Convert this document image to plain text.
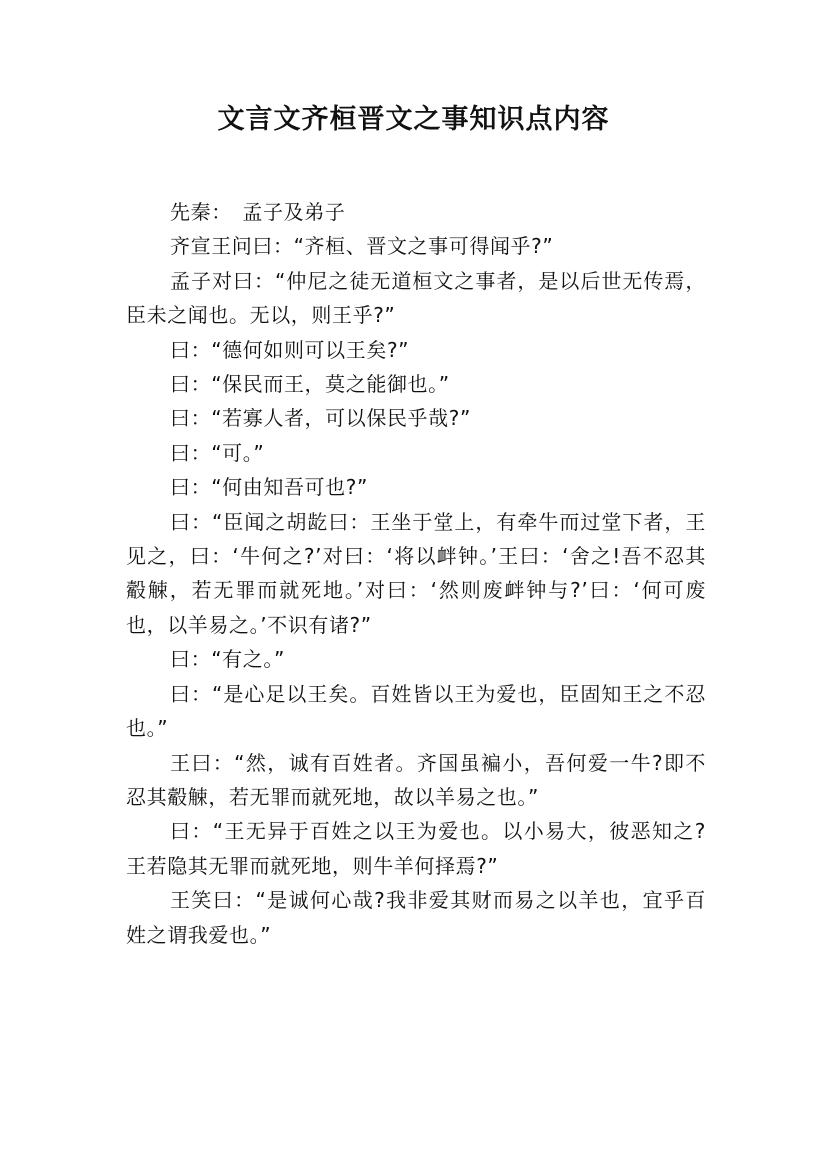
文言文齐桓晋文之事知识点内容

先秦：　孟子及弟子

齐宣王问曰：“齐桓、晋文之事可得闻乎?”

孟子对曰：“仲尼之徒无道桓文之事者，是以后世无传焉，臣未之闻也。无以，则王乎?”

曰：“德何如则可以王矣?”

曰：“保民而王，莫之能御也。”

曰：“若寡人者，可以保民乎哉?”

曰：“可。”

曰：“何由知吾可也?”

曰：“臣闻之胡龁曰：王坐于堂上，有牵牛而过堂下者，王见之，曰：‘牛何之?’对曰：‘将以衅钟。’王曰：‘舍之!吾不忍其觳觫，若无罪而就死地。’对曰：‘然则废衅钟与?’曰：‘何可废也，以羊易之。’不识有诸?”

曰：“有之。”

曰：“是心足以王矣。百姓皆以王为爱也，臣固知王之不忍也。”

王曰：“然，诚有百姓者。齐国虽褊小，吾何爱一牛?即不忍其觳觫，若无罪而就死地，故以羊易之也。”

曰：“王无异于百姓之以王为爱也。以小易大，彼恶知之?王若隐其无罪而就死地，则牛羊何择焉?”

王笑曰：“是诚何心哉?我非爱其财而易之以羊也，宜乎百姓之谓我爱也。”
